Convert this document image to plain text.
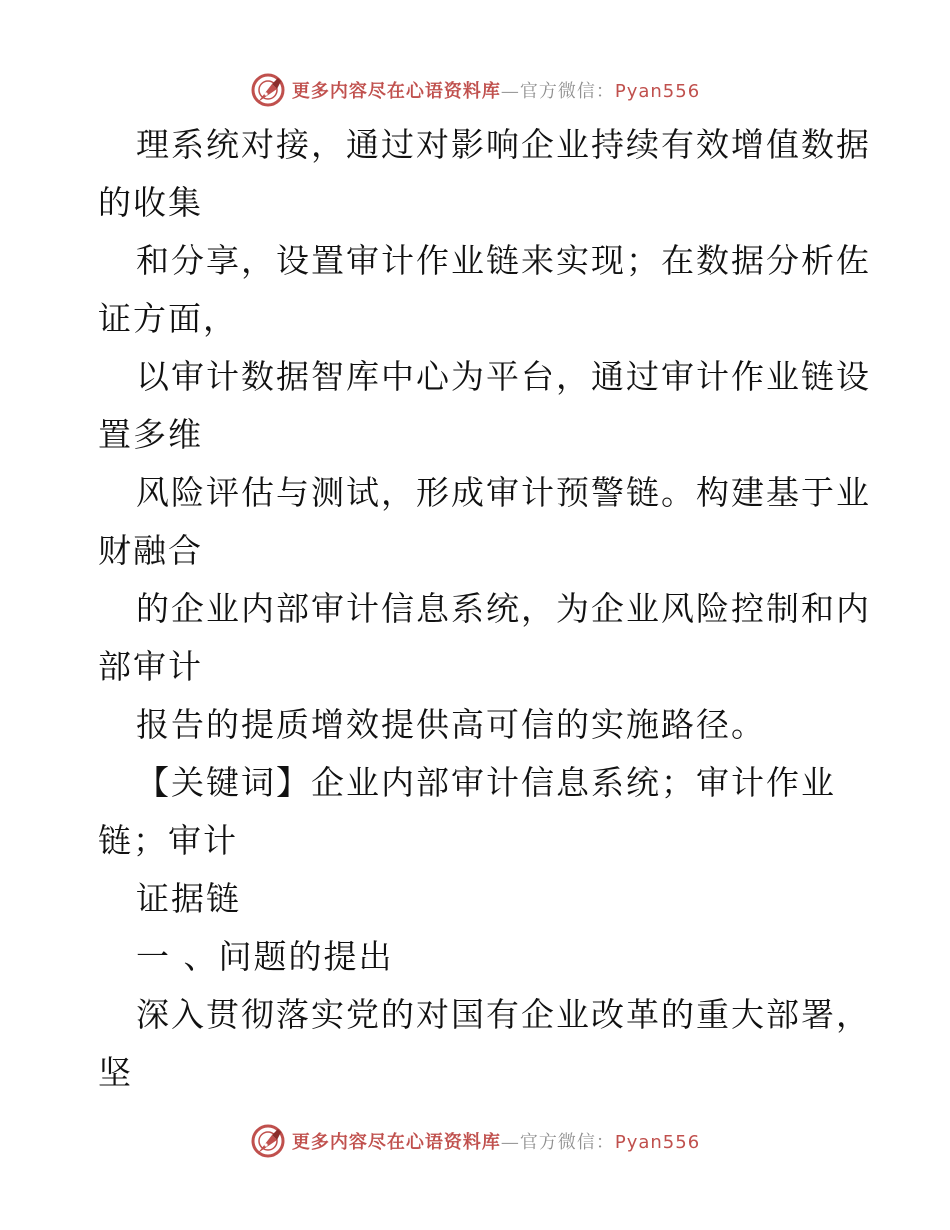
更多内容尽在心语资料库—官方微信：Pyan556
理系统对接，通过对影响企业持续有效增值数据
的收集
和分享，设置审计作业链来实现；在数据分析佐
证方面，
以审计数据智库中心为平台，通过审计作业链设
置多维
风险评估与测试，形成审计预警链。构建基于业
财融合
的企业内部审计信息系统，为企业风险控制和内
部审计
报告的提质增效提供高可信的实施路径。
【关键词】企业内部审计信息系统；审计作业
链；审计
证据链
一 、问题的提出
深入贯彻落实党的对国有企业改革的重大部署，
坚
更多内容尽在心语资料库—官方微信：Pyan556
